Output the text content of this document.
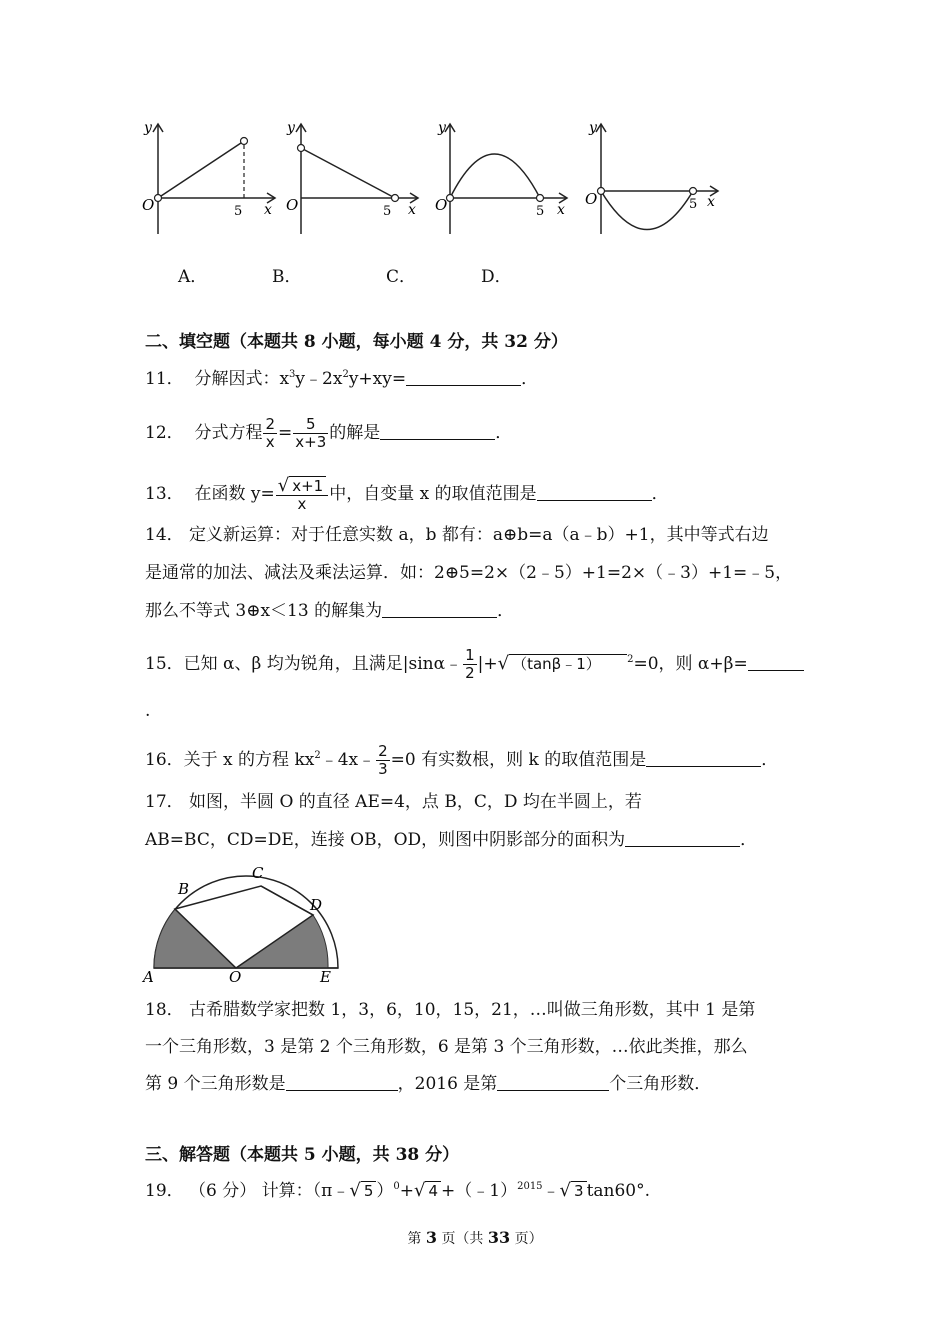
y
O	5 x
y
O	5 x
y
O	5 x
y
O	5 x
A．	B．	C．	D．
二、填空题（本题共 8 小题，每小题 4 分，共 32 分）
11． 分解因式：$x^3y﹣2x^2y+xy=$	．
12． 分式方程 $\frac{2}{x} = \frac{5}{x+3}$ 的解是	．
13． 在函数 $y= \frac{√ x+1}{x}$ 中，自变量 x 的取值范围是	．
14． 定义新运算：对于任意实数 a，b 都有：a⊕b=a（a﹣b）+1，其中等式右边
是通常的加法、减法及乘法运算．如：2⊕5=2×（2﹣5）+1=2×（﹣3）+1=﹣5，
那么不等式 3⊕x＜13 的解集为	．
15．已知 α、β 均为锐角，且满足|sinα﹣ $\frac{1}{2}$ |+√ （tanβ﹣1）	$^2$=0，则 α+β=
.
16．关于 x 的方程 $kx^2﹣4x﹣ \frac{2}{3} =0$ 有实数根，则 k 的取值范围是	．
17． 如图，半圆 O 的直径 AE=4，点 B，C，D 均在半圆上，若
AB=BC，CD=DE，连接 OB，OD，则图中阴影部分的面积为	．
B
C
D
A	O	E
18． 古希腊数学家把数 1，3，6，10，15，21，…叫做三角形数，其中 1 是第
一个三角形数，3 是第 2 个三角形数，6 是第 3 个三角形数，…依此类推，那么
第 9 个三角形数是	，2016 是第	个三角形数．
三、解答题（本题共 5 小题，共 38 分）
19． （6 分） 计算：（π﹣√ 5 ）$^0$+√ 4 +（﹣1）$^{2015}$﹣√ 3 tan60°.
第 3 页（共 33 页）
